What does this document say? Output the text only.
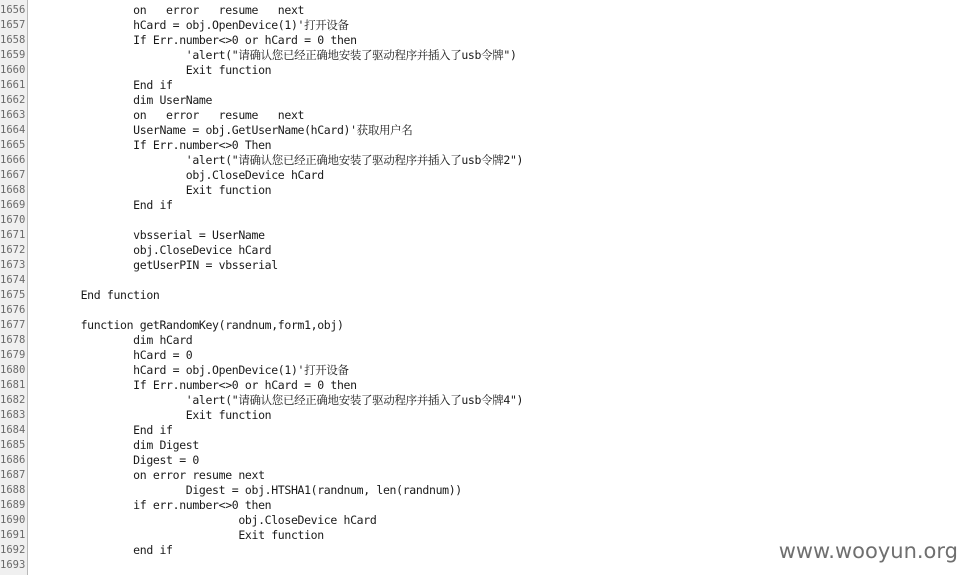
1656
1657
1658
1659
1660
1661
1662
1663
1664
1665
1666
1667
1668
1669
1670
1671
1672
1673
1674
1675
1676
1677
1678
1679
1680
1681
1682
1683
1684
1685
1686
1687
1688
1689
1690
1691
1692
1693
on   error   resume   next
hCard = obj.OpenDevice(1)'打开设备
If Err.number<>0 or hCard = 0 then
'alert("请确认您已经正确地安装了驱动程序并插入了usb令牌")
Exit function
End if
dim UserName
on   error   resume   next
UserName = obj.GetUserName(hCard)'获取用户名
If Err.number<>0 Then
'alert("请确认您已经正确地安装了驱动程序并插入了usb令牌2")
obj.CloseDevice hCard
Exit function
End if
vbsserial = UserName
obj.CloseDevice hCard
getUserPIN = vbsserial
End function
function getRandomKey(randnum,form1,obj)
dim hCard
hCard = 0
hCard = obj.OpenDevice(1)'打开设备
If Err.number<>0 or hCard = 0 then
'alert("请确认您已经正确地安装了驱动程序并插入了usb令牌4")
Exit function
End if
dim Digest
Digest = 0
on error resume next
Digest = obj.HTSHA1(randnum, len(randnum))
if err.number<>0 then
obj.CloseDevice hCard
Exit function
end if	www.wooyun.org
